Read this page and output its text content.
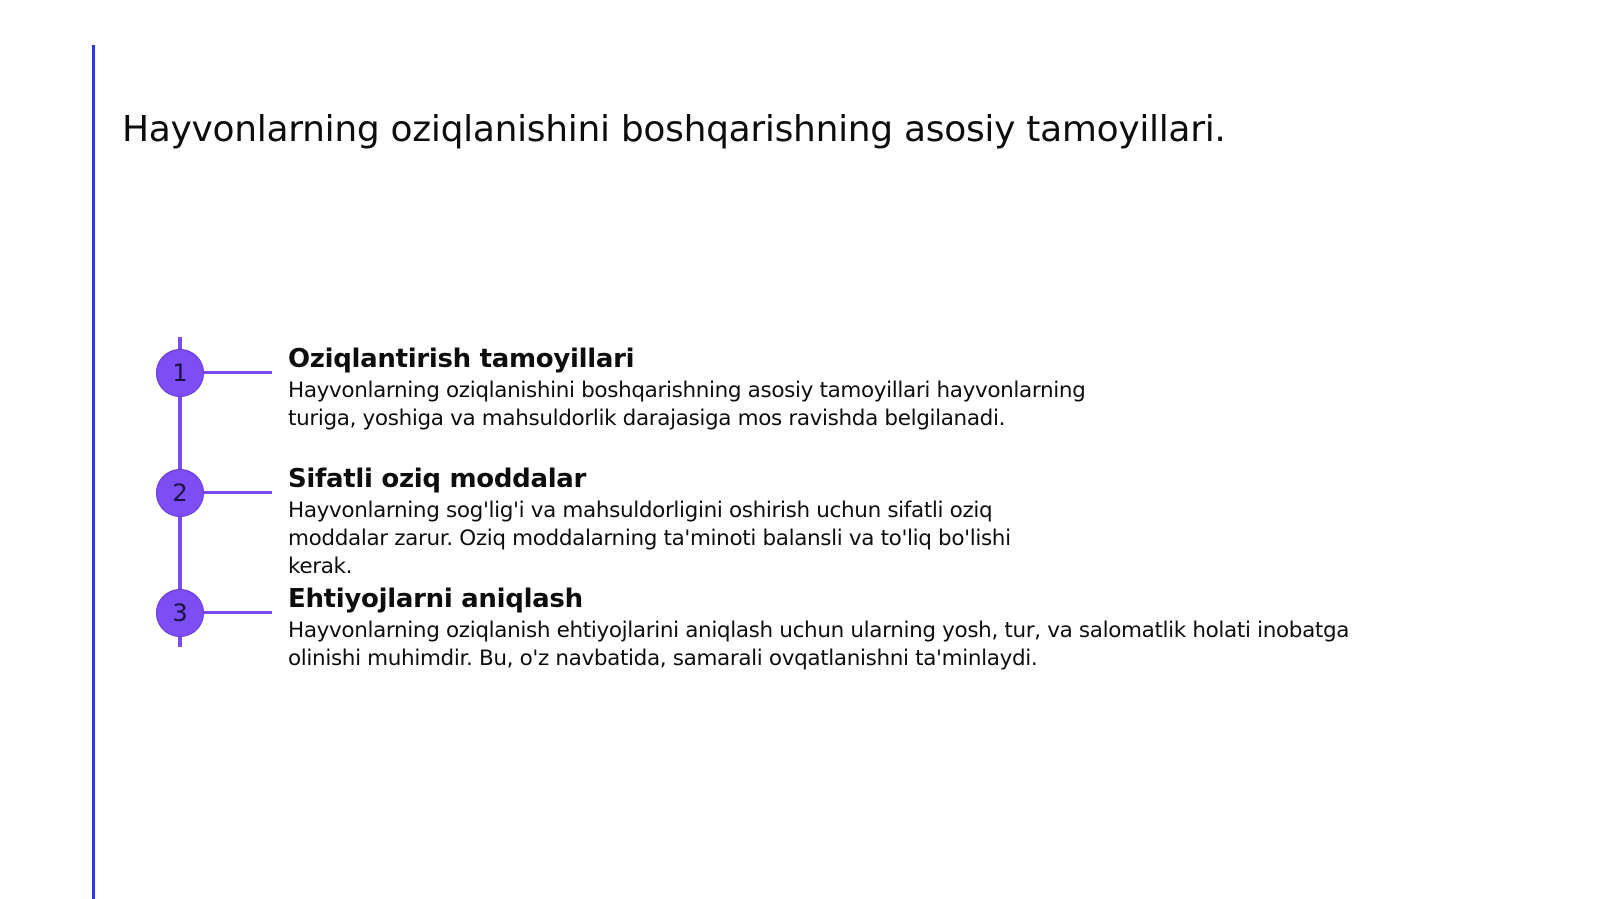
Hayvonlarning oziqlanishini boshqarishning asosiy tamoyillari.
1	Oziqlantirish tamoyillari

Hayvonlarning oziqlanishini boshqarishning asosiy tamoyillari hayvonlarning turiga, yoshiga va mahsuldorlik darajasiga mos ravishda belgilanadi.

2	Sifatli oziq moddalar

Hayvonlarning sog'lig'i va mahsuldorligini oshirish uchun sifatli oziq moddalar zarur. Oziq moddalarning ta'minoti balansli va to'liq bo'lishi kerak.

3	Ehtiyojlarni aniqlash

Hayvonlarning oziqlanish ehtiyojlarini aniqlash uchun ularning yosh, tur, va salomatlik holati inobatga olinishi muhimdir. Bu, o'z navbatida, samarali ovqatlanishni ta'minlaydi.
